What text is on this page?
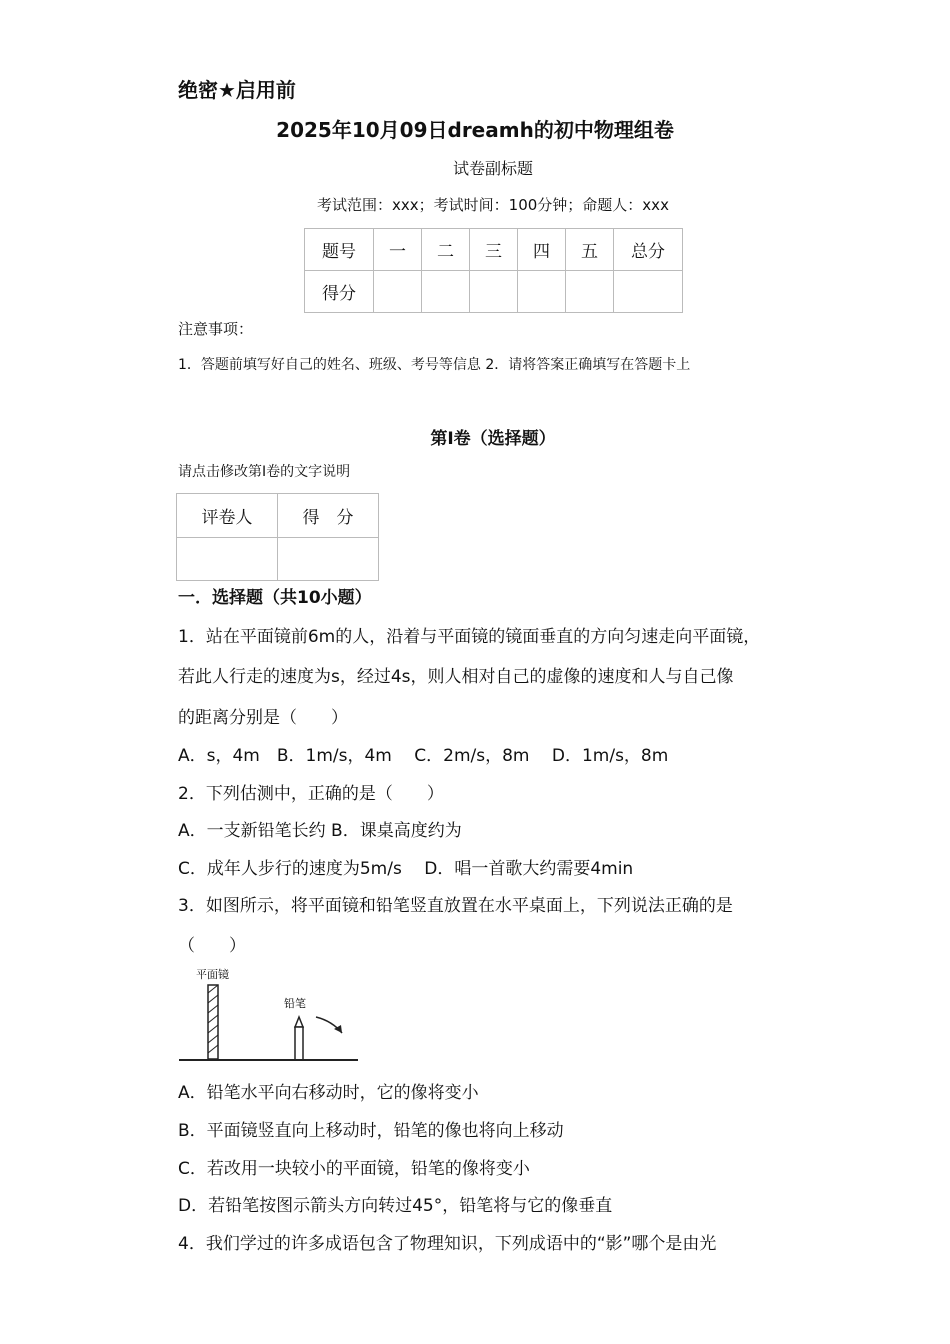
绝密★启用前
2025年10月09日dreamh的初中物理组卷
试卷副标题
考试范围：xxx；考试时间：100分钟；命题人：xxx
题号	一	二	三	四	五	总分
得分						
注意事项：
1．答题前填写好自己的姓名、班级、考号等信息 2．请将答案正确填写在答题卡上
第Ⅰ卷（选择题）
请点击修改第Ⅰ卷的文字说明
评卷人	得　分

一．选择题（共10小题）
1．站在平面镜前6m的人，沿着与平面镜的镜面垂直的方向匀速走向平面镜，
若此人行走的速度为s，经过4s，则人相对自己的虚像的速度和人与自己像
的距离分别是（　　）
A．s，4m　B．1m/s，4m　 C．2m/s，8m　 D．1m/s，8m
2．下列估测中，正确的是（　　）
A．一支新铅笔长约 B．课桌高度约为
C．成年人步行的速度为5m/s　 D．唱一首歌大约需要4min
3．如图所示，将平面镜和铅笔竖直放置在水平桌面上，下列说法正确的是
（　　）
平面镜
铅笔
A．铅笔水平向右移动时，它的像将变小
B．平面镜竖直向上移动时，铅笔的像也将向上移动
C．若改用一块较小的平面镜，铅笔的像将变小
D．若铅笔按图示箭头方向转过45°，铅笔将与它的像垂直
4．我们学过的许多成语包含了物理知识，下列成语中的“影”哪个是由光
